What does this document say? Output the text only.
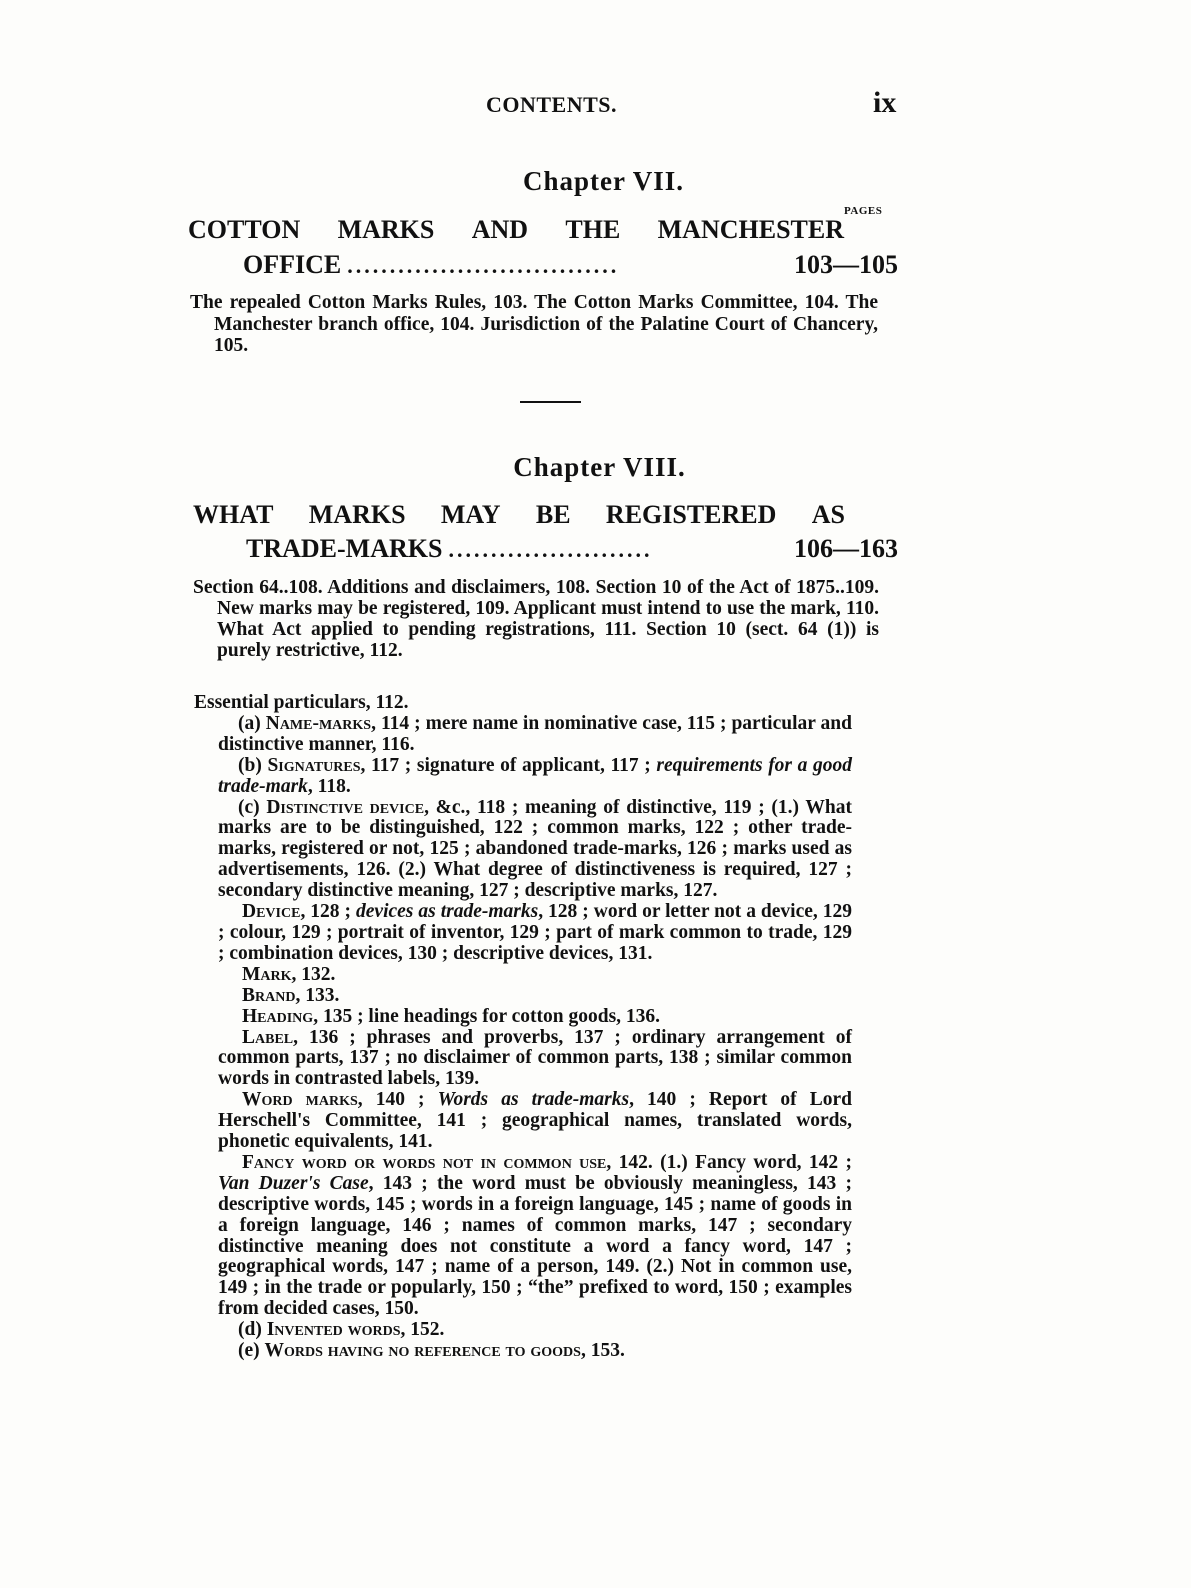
CONTENTS.	ix
Chapter VII.
PAGES
COTTON MARKS AND THE MANCHESTER
OFFICE ................................	103—105
The repealed Cotton Marks Rules, 103. The Cotton Marks Committee, 104. The Manchester branch office, 104. Jurisdiction of the Palatine Court of Chancery, 105.
Chapter VIII.
WHAT MARKS MAY BE REGISTERED AS
TRADE-MARKS ........................	106—163
Section 64..108. Additions and disclaimers, 108. Section 10 of the Act of 1875..109. New marks may be registered, 109. Applicant must intend to use the mark, 110. What Act applied to pending registrations, 111. Section 10 (sect. 64 (1)) is purely restrictive, 112.

Essential particulars, 112.

(a) Name-marks, 114 ; mere name in nominative case, 115 ; particular and distinctive manner, 116.

(b) Signatures, 117 ; signature of applicant, 117 ; requirements for a good trade-mark, 118.

(c) Distinctive device, &c., 118 ; meaning of distinctive, 119 ; (1.) What marks are to be distinguished, 122 ; common marks, 122 ; other trade-marks, registered or not, 125 ; abandoned trade-marks, 126 ; marks used as advertisements, 126. (2.) What degree of distinctiveness is required, 127 ; secondary distinctive meaning, 127 ; descriptive marks, 127.

Device, 128 ; devices as trade-marks, 128 ; word or letter not a device, 129 ; colour, 129 ; portrait of inventor, 129 ; part of mark common to trade, 129 ; combination devices, 130 ; descriptive devices, 131.

Mark, 132.

Brand, 133.

Heading, 135 ; line headings for cotton goods, 136.

Label, 136 ; phrases and proverbs, 137 ; ordinary arrangement of common parts, 137 ; no disclaimer of common parts, 138 ; similar common words in contrasted labels, 139.

Word marks, 140 ; Words as trade-marks, 140 ; Report of Lord Herschell's Committee, 141 ; geographical names, translated words, phonetic equivalents, 141.

Fancy word or words not in common use, 142. (1.) Fancy word, 142 ; Van Duzer's Case, 143 ; the word must be obviously meaningless, 143 ; descriptive words, 145 ; words in a foreign language, 145 ; name of goods in a foreign language, 146 ; names of common marks, 147 ; secondary distinctive meaning does not constitute a word a fancy word, 147 ; geographical words, 147 ; name of a person, 149. (2.) Not in common use, 149 ; in the trade or popularly, 150 ; “the” prefixed to word, 150 ; examples from decided cases, 150.

(d) Invented words, 152.

(e) Words having no reference to goods, 153.
